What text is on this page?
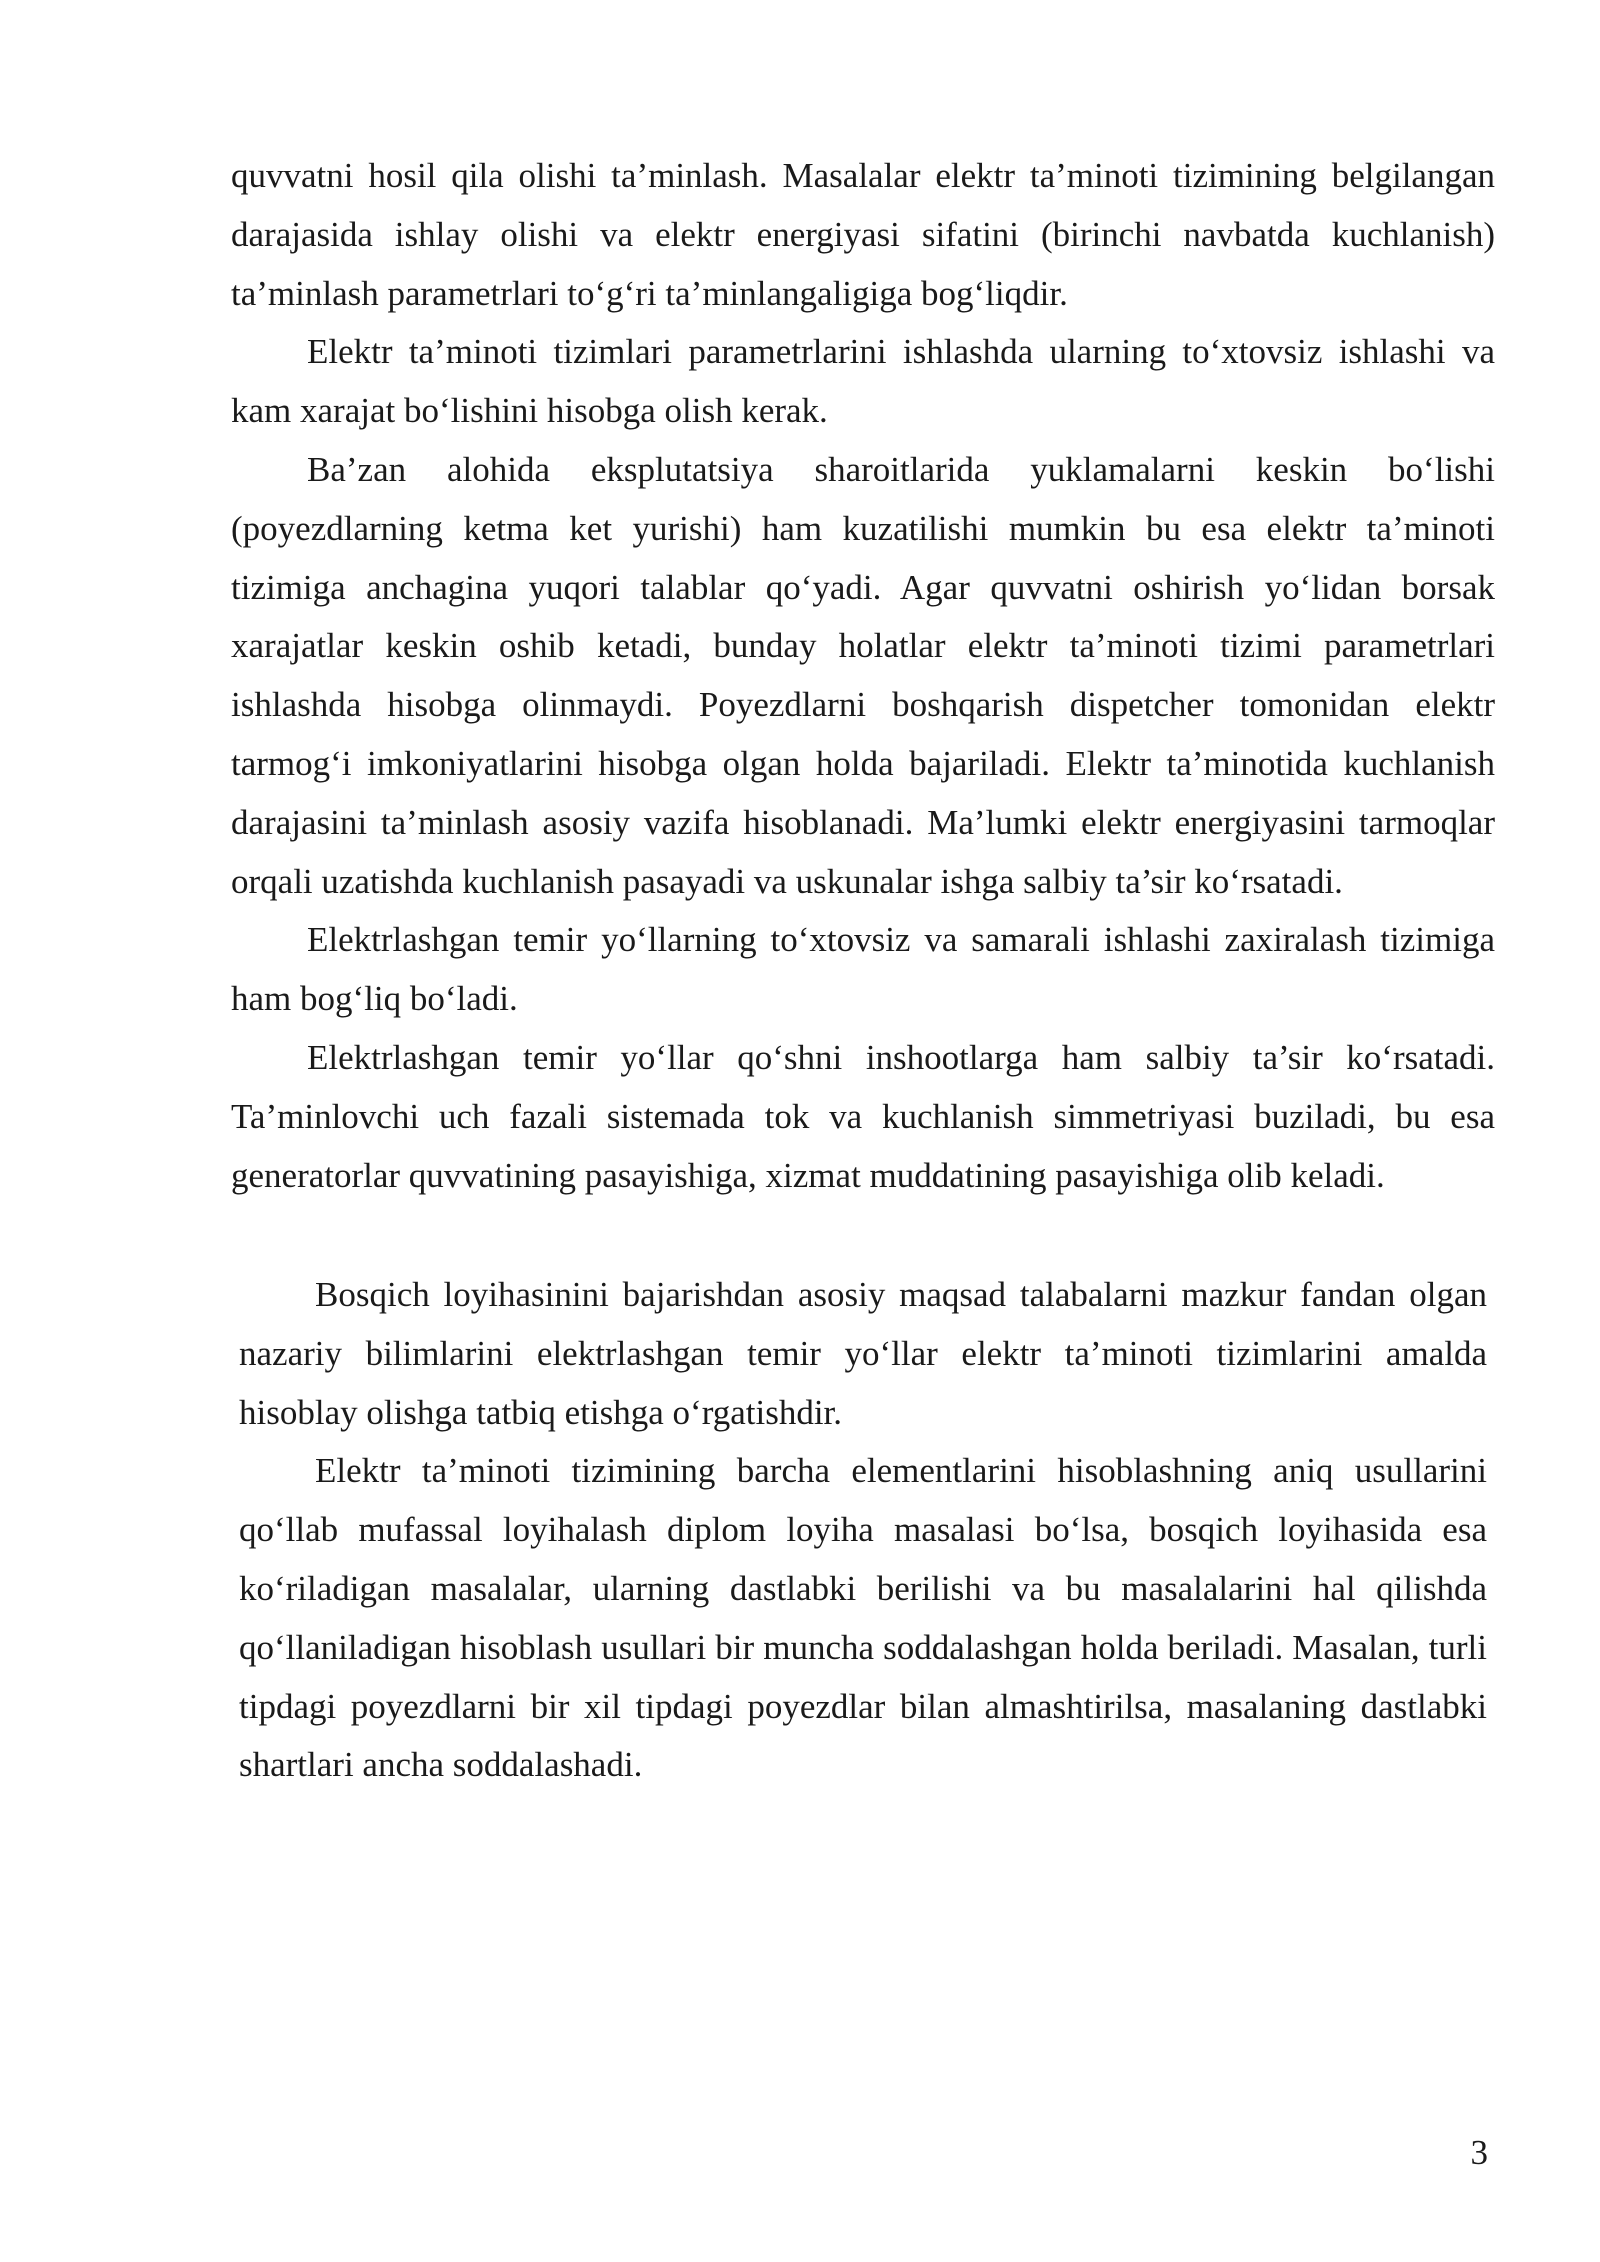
quvvatni hosil qila olishi ta’minlash. Masalalar elektr ta’minoti tizimining belgilangan darajasida ishlay olishi va elektr energiyasi sifatini (birinchi navbatda kuchlanish) ta’minlash parametrlari to‘g‘ri ta’minlangaligiga bog‘liqdir.

Elektr ta’minoti tizimlari parametrlarini ishlashda ularning to‘xtovsiz ishlashi va kam xarajat bo‘lishini hisobga olish kerak.

Ba’zan alohida eksplutatsiya sharoitlarida yuklamalarni keskin bo‘lishi (poyezdlarning ketma ket yurishi) ham kuzatilishi mumkin bu esa elektr ta’minoti tizimiga anchagina yuqori talablar qo‘yadi. Agar quvvatni oshirish yo‘lidan borsak xarajatlar keskin oshib ketadi, bunday holatlar elektr ta’minoti tizimi parametrlari ishlashda hisobga olinmaydi. Poyezdlarni boshqarish dispetcher tomonidan elektr tarmog‘i imkoniyatlarini hisobga olgan holda bajariladi. Elektr ta’minotida kuchlanish darajasini ta’minlash asosiy vazifa hisoblanadi. Ma’lumki elektr energiyasini tarmoqlar orqali uzatishda kuchlanish pasayadi va uskunalar ishga salbiy ta’sir ko‘rsatadi.

Elektrlashgan temir yo‘llarning to‘xtovsiz va samarali ishlashi zaxiralash tizimiga ham bog‘liq bo‘ladi.

Elektrlashgan temir yo‘llar qo‘shni inshootlarga ham salbiy ta’sir ko‘rsatadi. Ta’minlovchi uch fazali sistemada tok va kuchlanish simmetriyasi buziladi, bu esa generatorlar quvvatining pasayishiga, xizmat muddatining pasayishiga olib keladi.

Bosqich loyihasinini bajarishdan asosiy maqsad talabalarni mazkur fandan olgan nazariy bilimlarini elektrlashgan temir yo‘llar elektr ta’minoti tizimlarini amalda hisoblay olishga tatbiq etishga o‘rgatishdir.

Elektr ta’minoti tizimining barcha elementlarini hisoblashning aniq usullarini qo‘llab mufassal loyihalash diplom loyiha masalasi bo‘lsa, bosqich loyihasida esa ko‘riladigan masalalar, ularning dastlabki berilishi va bu masalalarini hal qilishda qo‘llaniladigan hisoblash usullari bir muncha soddalashgan holda beriladi. Masalan, turli tipdagi poyezdlarni bir xil tipdagi poyezdlar bilan almashtirilsa, masalaning dastlabki shartlari ancha soddalashadi.

3
